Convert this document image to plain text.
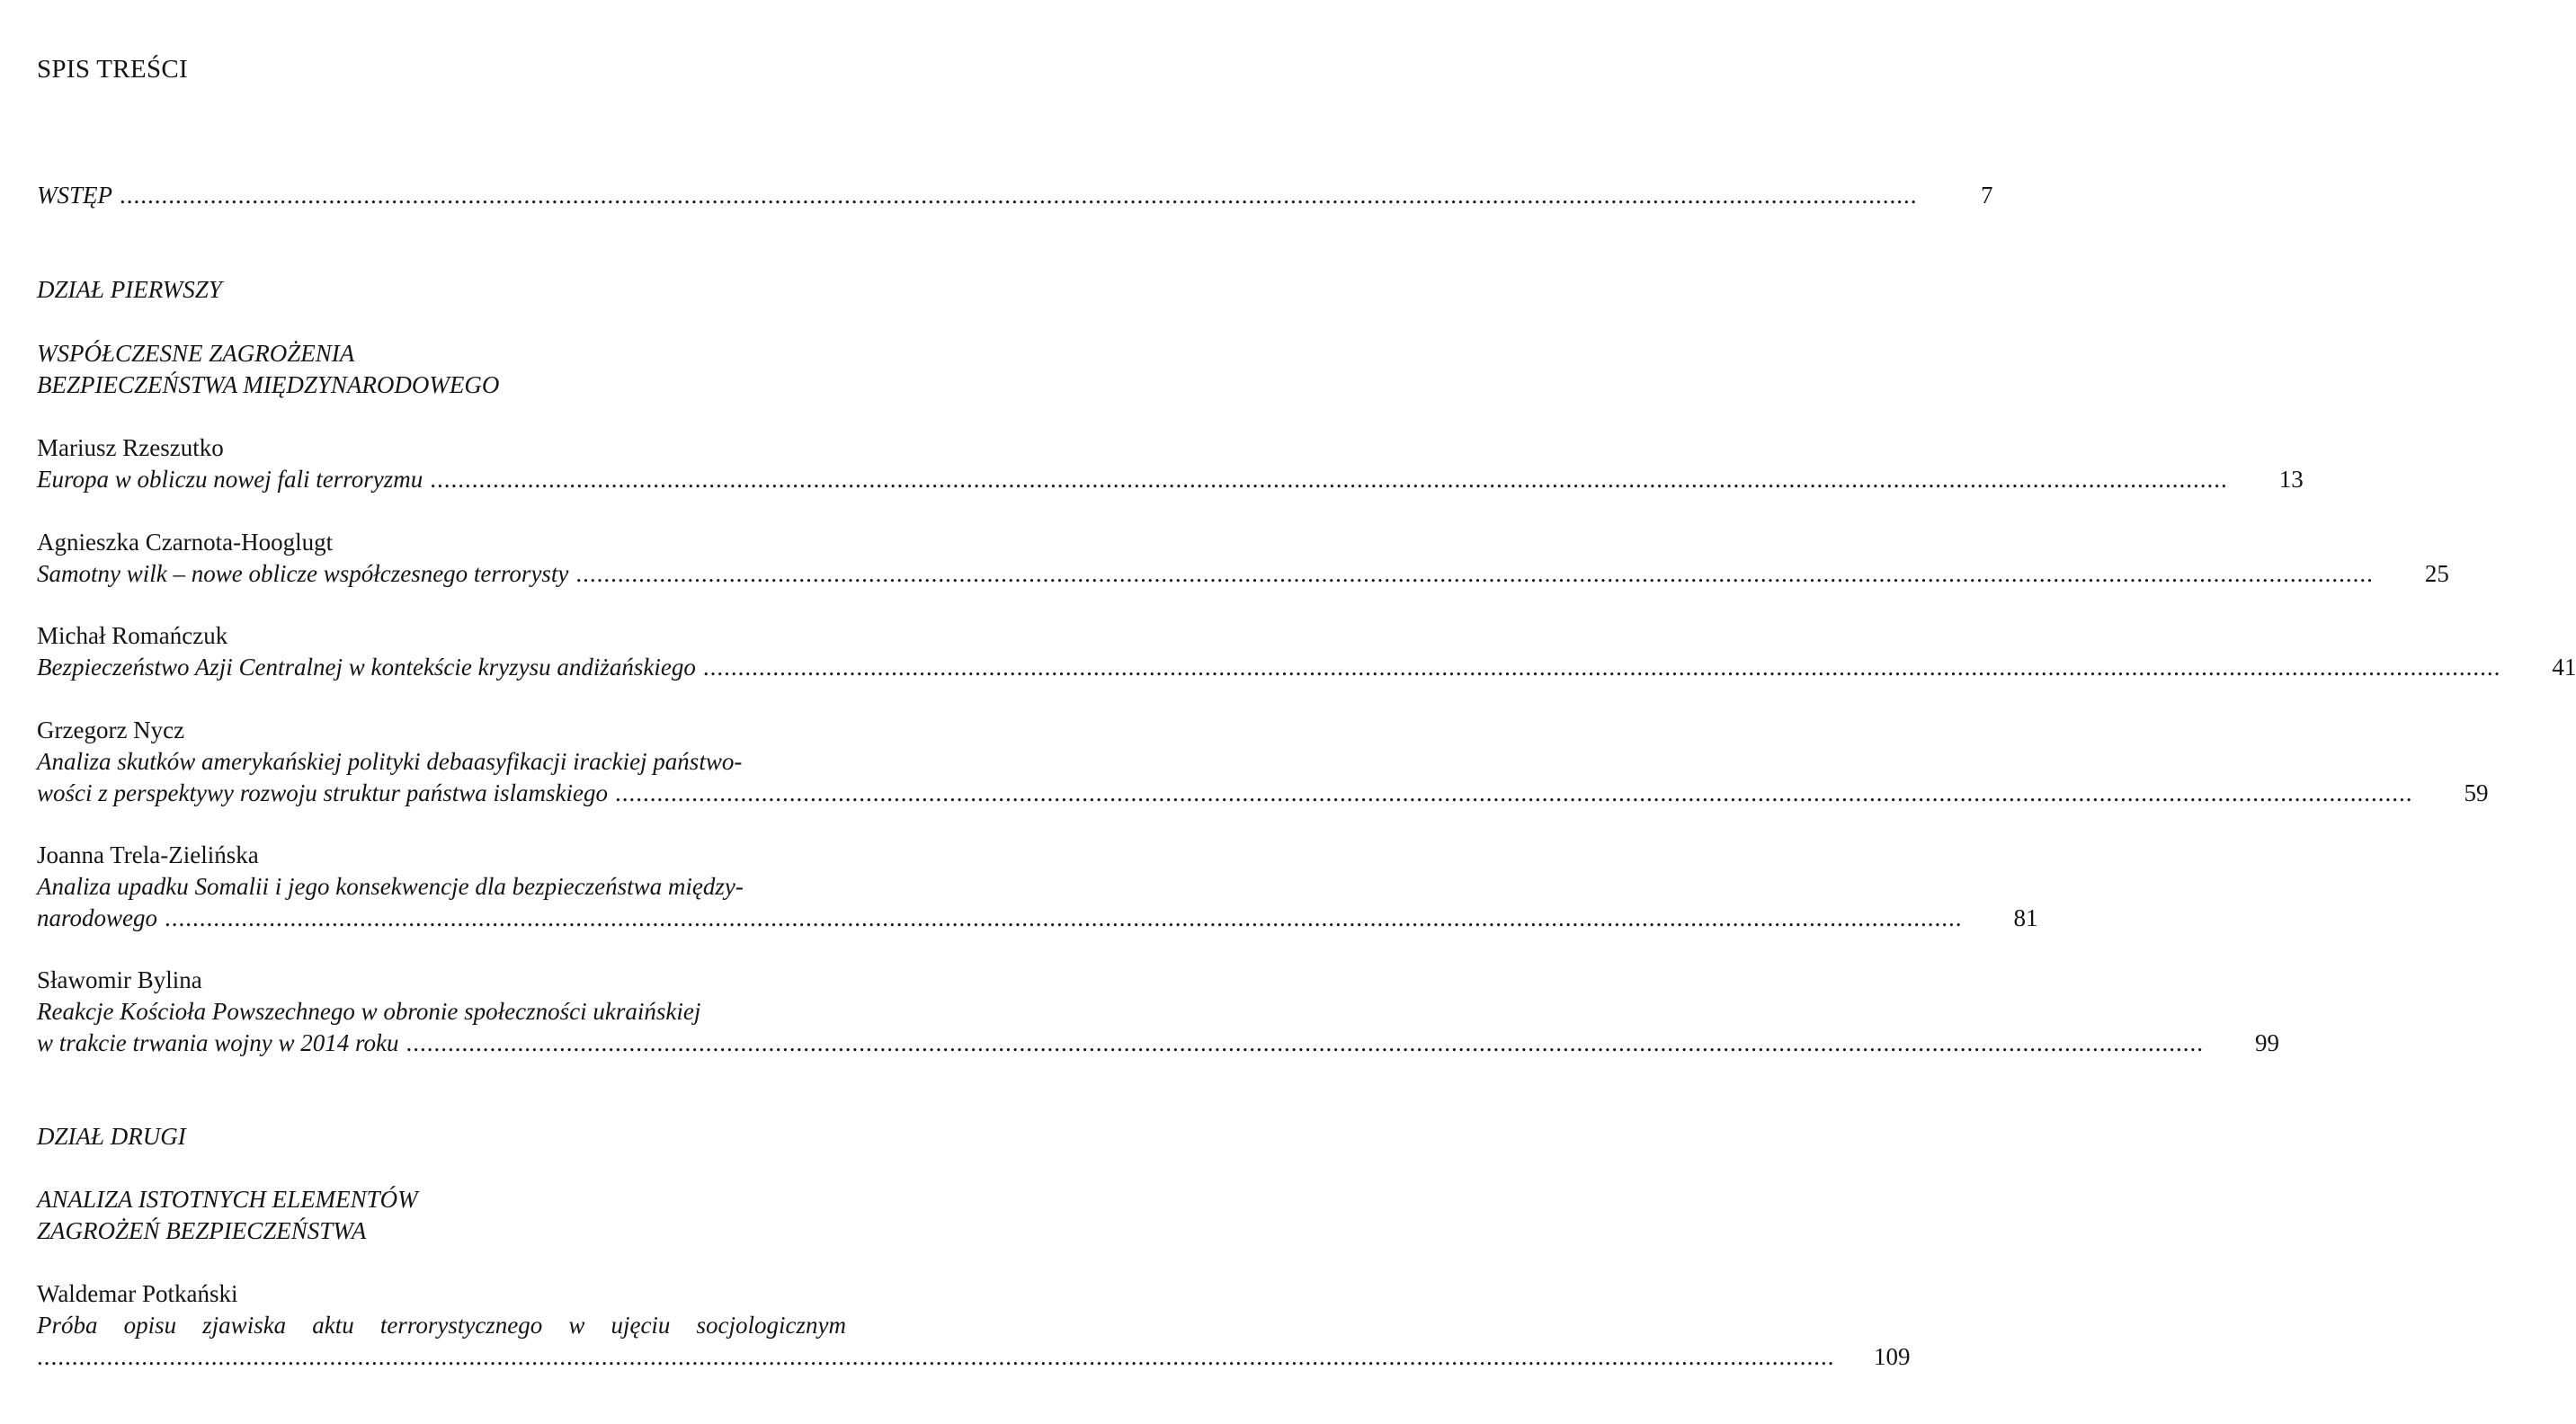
SPIS TREŚCI
WSTĘP ..................................................................................................................................................................................................................................................................	7
DZIAŁ PIERWSZY
WSPÓŁCZESNE ZAGROŻENIA
BEZPIECZEŃSTWA MIĘDZYNARODOWEGO
Mariusz Rzeszutko
Europa w obliczu nowej fali terroryzmu ..................................................................................................................................................................................................................................................................	13
Agnieszka Czarnota-Hooglugt
Samotny wilk – nowe oblicze współczesnego terrorysty ..................................................................................................................................................................................................................................................................	25
Michał Romańczuk
Bezpieczeństwo Azji Centralnej w kontekście kryzysu andiżańskiego ..................................................................................................................................................................................................................................................................	41
Grzegorz Nycz
Analiza skutków amerykańskiej polityki debaasyfikacji irackiej państwo-
wości z perspektywy rozwoju struktur państwa islamskiego ..................................................................................................................................................................................................................................................................	59
Joanna Trela-Zielińska
Analiza upadku Somalii i jego konsekwencje dla bezpieczeństwa między-
narodowego ..................................................................................................................................................................................................................................................................	81
Sławomir Bylina
Reakcje Kościoła Powszechnego w obronie społeczności ukraińskiej
w trakcie trwania wojny w 2014 roku ..................................................................................................................................................................................................................................................................	99
DZIAŁ DRUGI
ANALIZA ISTOTNYCH ELEMENTÓW
ZAGROŻEŃ BEZPIECZEŃSTWA
Waldemar Potkański
Próba opisu zjawiska aktu terrorystycznego w ujęciu socjologicznym
..................................................................................................................................................................................................................................................................	109
